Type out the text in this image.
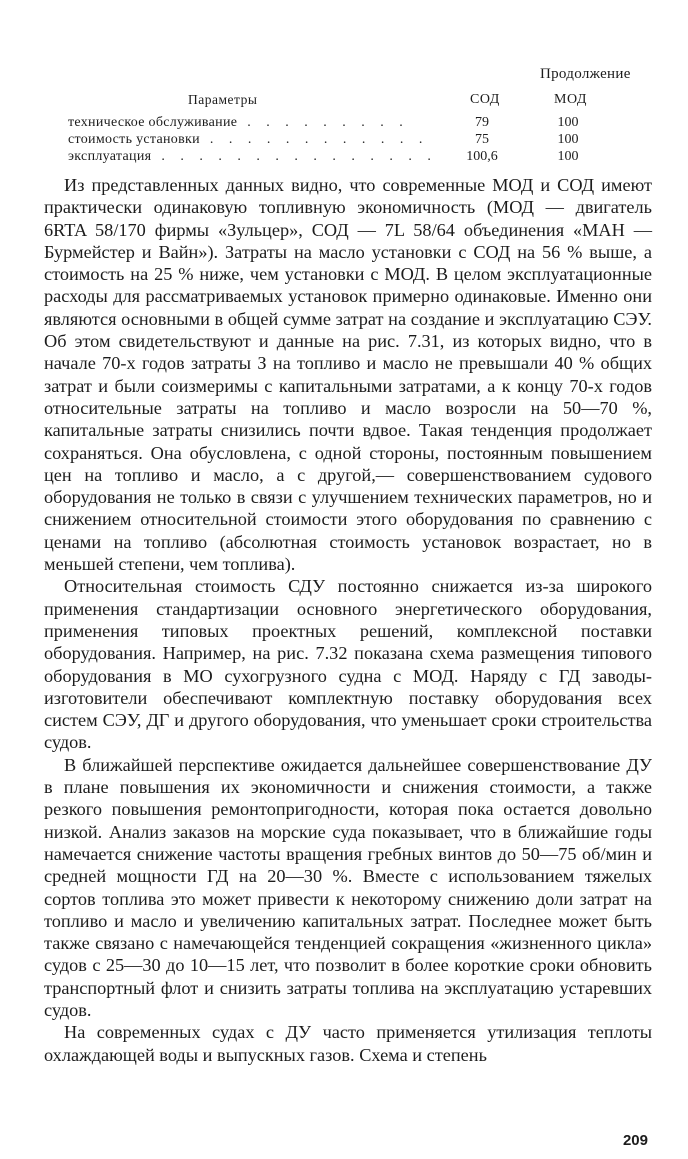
Продолжение
Параметры	СОД	МОД
техническое обслуживание . . . . . . . . .	79	100
стоимость установки . . . . . . . . . . . .	75	100
эксплуатация . . . . . . . . . . . . . . .	100,6	100

Из представленных данных видно, что современные МОД и СОД имеют практически одинаковую топливную экономичность (МОД — двигатель 6RTA 58/170 фирмы «Зульцер», СОД — 7L 58/64 объединения «МАН — Бурмейстер и Вайн»). Затраты на масло установки с СОД на 56 % выше, а стоимость на 25 % ниже, чем установки с МОД. В целом эксплуатационные расходы для рассматриваемых установок примерно одинаковые. Именно они являются основными в общей сумме затрат на создание и эксплуатацию СЭУ. Об этом свидетельствуют и данные на рис. 7.31, из которых видно, что в начале 70-х годов затраты З на топливо и масло не превышали 40 % общих затрат и были соизмеримы с капитальными затратами, а к концу 70-х годов относительные затраты на топливо и масло возросли на 50—70 %, капитальные затраты снизились почти вдвое. Такая тенденция продолжает сохраняться. Она обусловлена, с одной стороны, постоянным повышением цен на топливо и масло, а с другой,— совершенствованием судового оборудования не только в связи с улучшением технических параметров, но и снижением относительной стоимости этого оборудования по сравнению с ценами на топливо (абсолютная стоимость установок возрастает, но в меньшей степени, чем топлива).

Относительная стоимость СДУ постоянно снижается из-за широкого применения стандартизации основного энергетического оборудования, применения типовых проектных решений, комплексной поставки оборудования. Например, на рис. 7.32 показана схема размещения типового оборудования в МО сухогрузного судна с МОД. Наряду с ГД заводы-изготовители обеспечивают комплектную поставку оборудования всех систем СЭУ, ДГ и другого оборудования, что уменьшает сроки строительства судов.

В ближайшей перспективе ожидается дальнейшее совершенствование ДУ в плане повышения их экономичности и снижения стоимости, а также резкого повышения ремонтопригодности, которая пока остается довольно низкой. Анализ заказов на морские суда показывает, что в ближайшие годы намечается снижение частоты вращения гребных винтов до 50—75 об/мин и средней мощности ГД на 20—30 %. Вместе с использованием тяжелых сортов топлива это может привести к некоторому снижению доли затрат на топливо и масло и увеличению капитальных затрат. Последнее может быть также связано с намечающейся тенденцией сокращения «жизненного цикла» судов с 25—30 до 10—15 лет, что позволит в более короткие сроки обновить транспортный флот и снизить затраты топлива на эксплуатацию устаревших судов.

На современных судах с ДУ часто применяется утилизация теплоты охлаждающей воды и выпускных газов. Схема и степень

209
